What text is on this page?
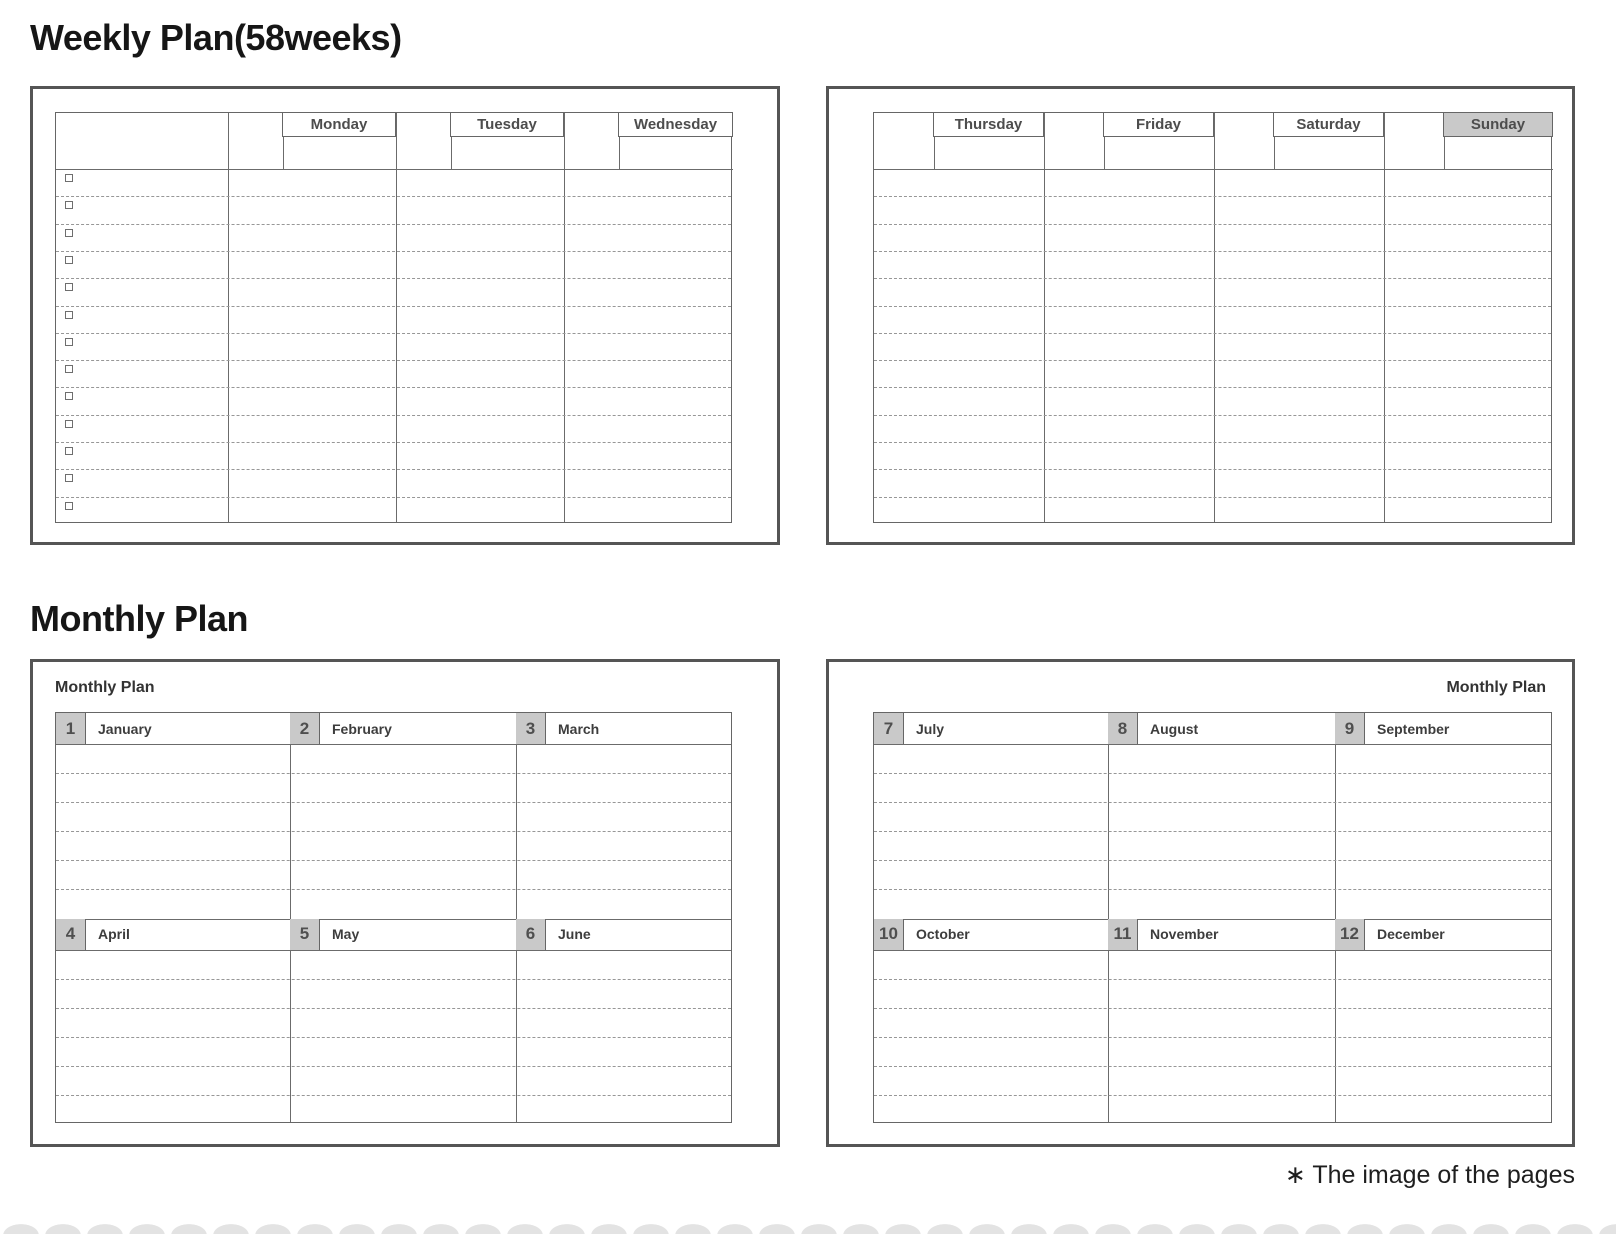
Weekly Plan(58weeks)
Monday	Tuesday	Wednesday	Thursday	Friday	Saturday	Sunday
Monthly Plan
Monthly Plan
1 January	2 February	3 March
4 April	5 May	6 June
Monthly Plan
7 July	8 August	9 September
10 October	11 November	12 December
∗ The image of the pages
